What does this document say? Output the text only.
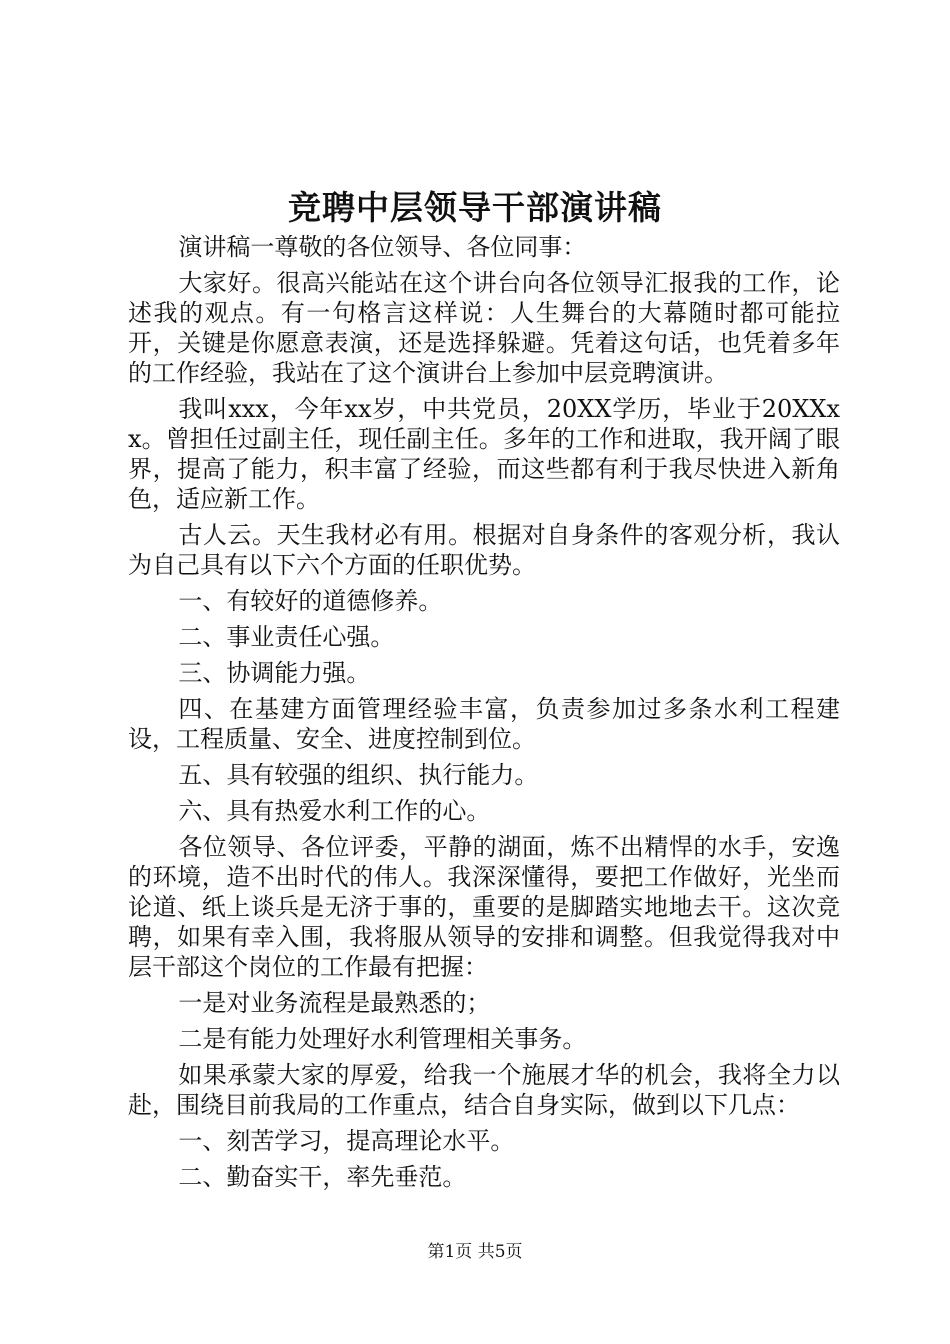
竞聘中层领导干部演讲稿

演讲稿一尊敬的各位领导、各位同事：

大家好。很高兴能站在这个讲台向各位领导汇报我的工作，论述我的观点。有一句格言这样说：人生舞台的大幕随时都可能拉开，关键是你愿意表演，还是选择躲避。凭着这句话，也凭着多年的工作经验，我站在了这个演讲台上参加中层竞聘演讲。

我叫xxx，今年xx岁，中共党员，20XX学历，毕业于20XXxx。曾担任过副主任，现任副主任。多年的工作和进取，我开阔了眼界，提高了能力，积丰富了经验，而这些都有利于我尽快进入新角色，适应新工作。

古人云。天生我材必有用。根据对自身条件的客观分析，我认为自己具有以下六个方面的任职优势。

一、有较好的道德修养。

二、事业责任心强。

三、协调能力强。

四、在基建方面管理经验丰富，负责参加过多条水利工程建设，工程质量、安全、进度控制到位。

五、具有较强的组织、执行能力。

六、具有热爱水利工作的心。

各位领导、各位评委，平静的湖面，炼不出精悍的水手，安逸的环境，造不出时代的伟人。我深深懂得，要把工作做好，光坐而论道、纸上谈兵是无济于事的，重要的是脚踏实地地去干。这次竞聘，如果有幸入围，我将服从领导的安排和调整。但我觉得我对中层干部这个岗位的工作最有把握：

一是对业务流程是最熟悉的；

二是有能力处理好水利管理相关事务。

如果承蒙大家的厚爱，给我一个施展才华的机会，我将全力以赴，围绕目前我局的工作重点，结合自身实际，做到以下几点：

一、刻苦学习，提高理论水平。

二、勤奋实干，率先垂范。

第1页 共5页
